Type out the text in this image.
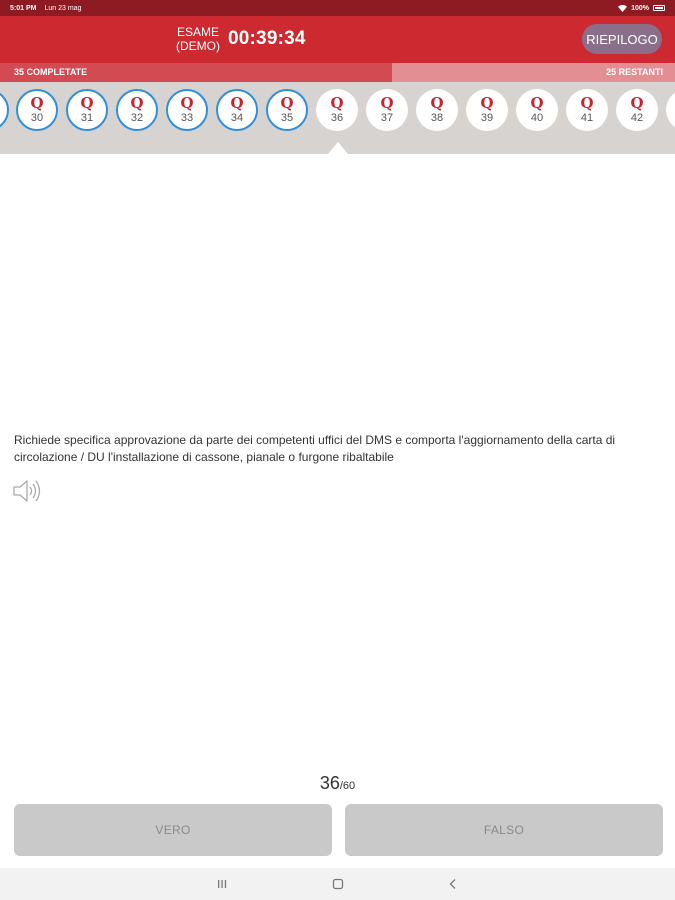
5:01 PM Lun 23 mag	100%
ESAME
(DEMO) 00:39:34	RIEPILOGO
35 COMPLETATE	25 RESTANTI
Q
30
Q
31
Q
32
Q
33
Q
34
Q
35
Q
36
Q
37
Q
38
Q
39
Q
40
Q
41
Q
42
Richiede specifica approvazione da parte dei competenti uffici del DMS e comporta l'aggiornamento della carta di circolazione / DU l'installazione di cassone, pianale o furgone ribaltabile
36/60
VERO	FALSO
